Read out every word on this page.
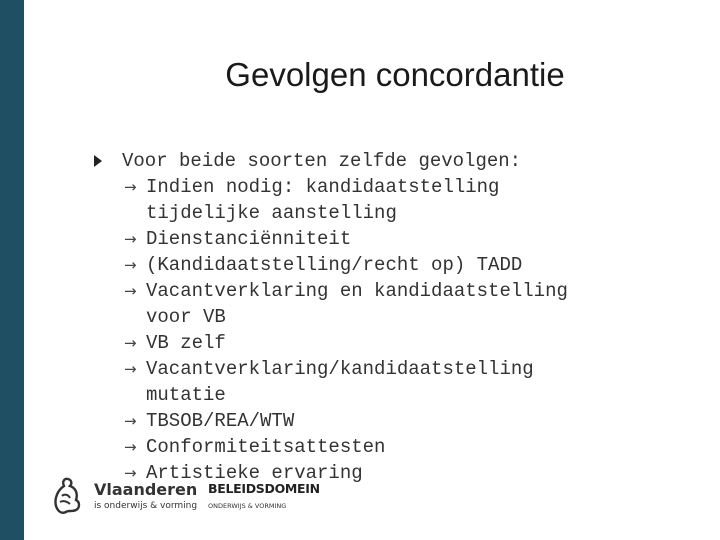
Gevolgen concordantie
Voor beide soorten zelfde gevolgen:
→ Indien nodig: kandidaatstelling
tijdelijke aanstelling
→ Dienstanciënniteit
→ (Kandidaatstelling/recht op) TADD
→ Vacantverklaring en kandidaatstelling
voor VB
→ VB zelf
→ Vacantverklaring/kandidaatstelling
mutatie
→ TBSOB/REA/WTW
→ Conformiteitsattesten
→ Artistieke ervaring
Vlaanderen
is onderwijs & vorming
BELEIDSDOMEIN
ONDERWIJS & VORMING
